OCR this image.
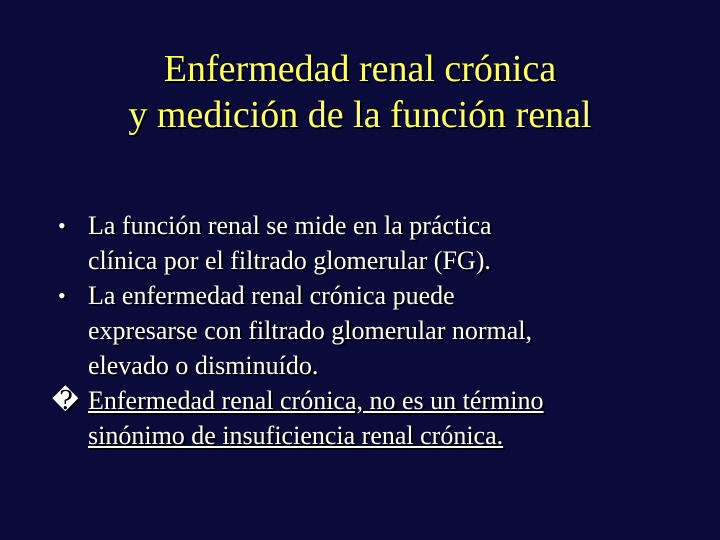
Enfermedad renal crónica
y medición de la función renal
• La función renal se mide en la práctica
clínica por el filtrado glomerular (FG).
• La enfermedad renal crónica puede
expresarse con filtrado glomerular normal,
elevado o disminuído.
� Enfermedad renal crónica, no es un término
sinónimo de insuficiencia renal crónica.
